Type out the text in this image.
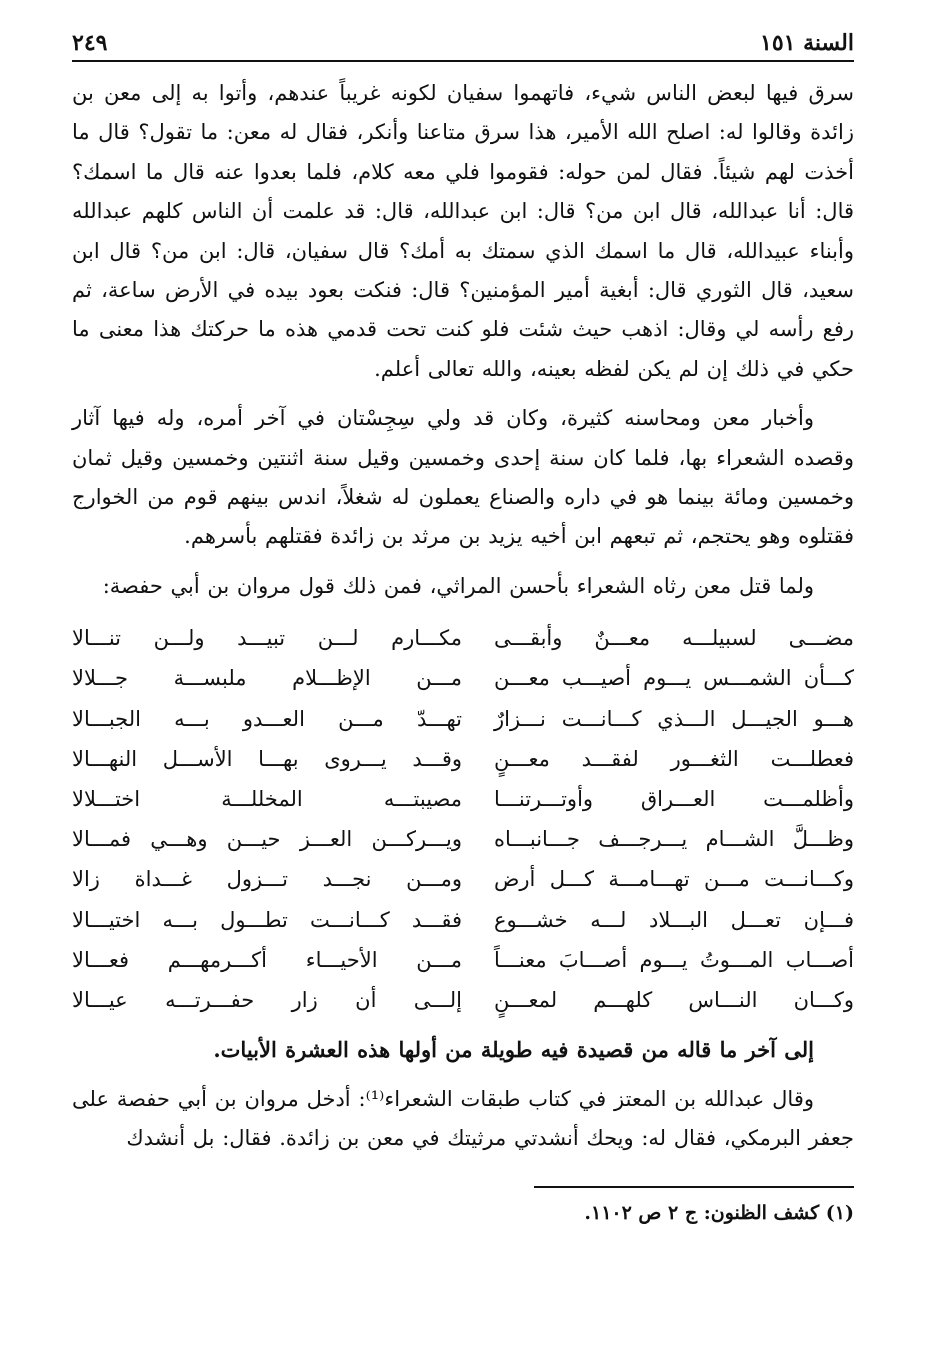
السنة ١٥١
٢٤٩

سرق فيها لبعض الناس شيء، فاتهموا سفيان لكونه غريباً عندهم، وأتوا به إلى معن بن زائدة وقالوا له: اصلح الله الأمير، هذا سرق متاعنا وأنكر، فقال له معن: ما تقول؟ قال ما أخذت لهم شيئاً. فقال لمن حوله: فقوموا فلي معه كلام، فلما بعدوا عنه قال ما اسمك؟ قال: أنا عبدالله، قال ابن من؟ قال: ابن عبدالله، قال: قد علمت أن الناس كلهم عبدالله وأبناء عبيدالله، قال ما اسمك الذي سمتك به أمك؟ قال سفيان، قال: ابن من؟ قال ابن سعيد، قال الثوري قال: أبغية أمير المؤمنين؟ قال: فنكت بعود بيده في الأرض ساعة، ثم رفع رأسه لي وقال: اذهب حيث شئت فلو كنت تحت قدمي هذه ما حركتك هذا معنى ما حكي في ذلك إن لم يكن لفظه بعينه، والله تعالى أعلم.

وأخبار معن ومحاسنه كثيرة، وكان قد ولي سِجِسْتان في آخر أمره، وله فيها آثار وقصده الشعراء بها، فلما كان سنة إحدى وخمسين وقيل سنة اثنتين وخمسين وقيل ثمان وخمسين ومائة بينما هو في داره والصناع يعملون له شغلاً، اندس بينهم قوم من الخوارج فقتلوه وهو يحتجم، ثم تبعهم ابن أخيه يزيد بن مرثد بن زائدة فقتلهم بأسرهم.

ولما قتل معن رثاه الشعراء بأحسن المراثي، فمن ذلك قول مروان بن أبي حفصة:

مضـــى لسبيلـــه معـــنٌ وأبقـــى
مكـــارم لـــن تبيـــد ولـــن تنـــالا
كـــأن الشمـــس يـــوم أصيـــب معـــن
مـــن الإظـــلام ملبســـة جـــلالا
هـــو الجيـــل الـــذي كـــانـــت نـــزارٌ
تهـــدّ مـــن العـــدو بـــه الجبـــالا
فعطلـــت الثغـــور لفقـــد معـــنٍ
وقـــد يـــروى بهـــا الأســـل النهـــالا
وأظلمـــت العـــراق وأوتـــرتنـــا
مصيبتـــه المخللـــة اختـــلالا
وظـــلَّ الشـــام يـــرجـــف جـــانبـــاه
ويـــركـــن العـــز حيـــن وهـــي فمـــالا
وكـــانـــت مـــن تهـــامـــة كـــل أرض
ومـــن نجـــد تـــزول غـــداة زالا
فـــإن تعـــل البـــلاد لـــه خشـــوع
فقـــد كـــانـــت تطـــول بـــه اختيـــالا
أصـــاب المـــوتُ يـــوم أصـــابَ معنـــاً
مـــن الأحيـــاء أكـــرمهـــم فعـــالا
وكـــان النـــاس كلهـــم لمعـــنٍ
إلـــى أن زار حفـــرتـــه عيـــالا

إلى آخر ما قاله من قصيدة فيه طويلة من أولها هذه العشرة الأبيات.

وقال عبدالله بن المعتز في كتاب طبقات الشعراء⁽¹⁾: أدخل مروان بن أبي حفصة على جعفر البرمكي، فقال له: ويحك أنشدتي مرثيتك في معن بن زائدة. فقال: بل أنشدك

(١) كشف الظنون: ج ٢ ص ١١٠٢.
